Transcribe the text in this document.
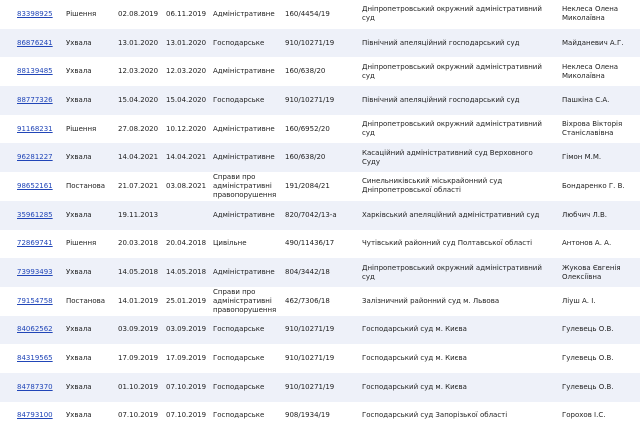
83398925	Рішення	02.08.2019	06.11.2019	Адміністративне	160/4454/19	Дніпропетровський окружний адміністративний суд	Неклеса Олена Миколаївна
86876241	Ухвала	13.01.2020	13.01.2020	Господарське	910/10271/19	Північний апеляційний господарський суд	Майданевич А.Г.
88139485	Ухвала	12.03.2020	12.03.2020	Адміністративне	160/638/20	Дніпропетровський окружний адміністративний суд	Неклеса Олена Миколаївна
88777326	Ухвала	15.04.2020	15.04.2020	Господарське	910/10271/19	Північний апеляційний господарський суд	Пашкіна С.А.
91168231	Рішення	27.08.2020	10.12.2020	Адміністративне	160/6952/20	Дніпропетровський окружний адміністративний суд	Віхрова Вікторія Станіславівна
96281227	Ухвала	14.04.2021	14.04.2021	Адміністративне	160/638/20	Касаційний адміністративний суд Верховного Суду	Гімон М.М.
98652161	Постанова	21.07.2021	03.08.2021	Справи про адміністративні правопорушення	191/2084/21	Синельниківський міськрайонний суд Дніпропетровської області	Бондаренко Г. В.
35961285	Ухвала	19.11.2013		Адміністративне	820/7042/13-а	Харківський апеляційний адміністративний суд	Любчич Л.В.
72869741	Рішення	20.03.2018	20.04.2018	Цивільне	490/11436/17	Чутівський районний суд Полтавської області	Антонов А. А.
73993493	Ухвала	14.05.2018	14.05.2018	Адміністративне	804/3442/18	Дніпропетровський окружний адміністративний суд	Жукова Євгенія Олексіївна
79154758	Постанова	14.01.2019	25.01.2019	Справи про адміністративні правопорушення	462/7306/18	Залізничний районний суд м. Львова	Ліуш А. І.
84062562	Ухвала	03.09.2019	03.09.2019	Господарське	910/10271/19	Господарський суд м. Києва	Гулевець О.В.
84319565	Ухвала	17.09.2019	17.09.2019	Господарське	910/10271/19	Господарський суд м. Києва	Гулевець О.В.
84787370	Ухвала	01.10.2019	07.10.2019	Господарське	910/10271/19	Господарський суд м. Києва	Гулевець О.В.
84793100	Ухвала	07.10.2019	07.10.2019	Господарське	908/1934/19	Господарський суд Запорізької області	Горохов І.С.
